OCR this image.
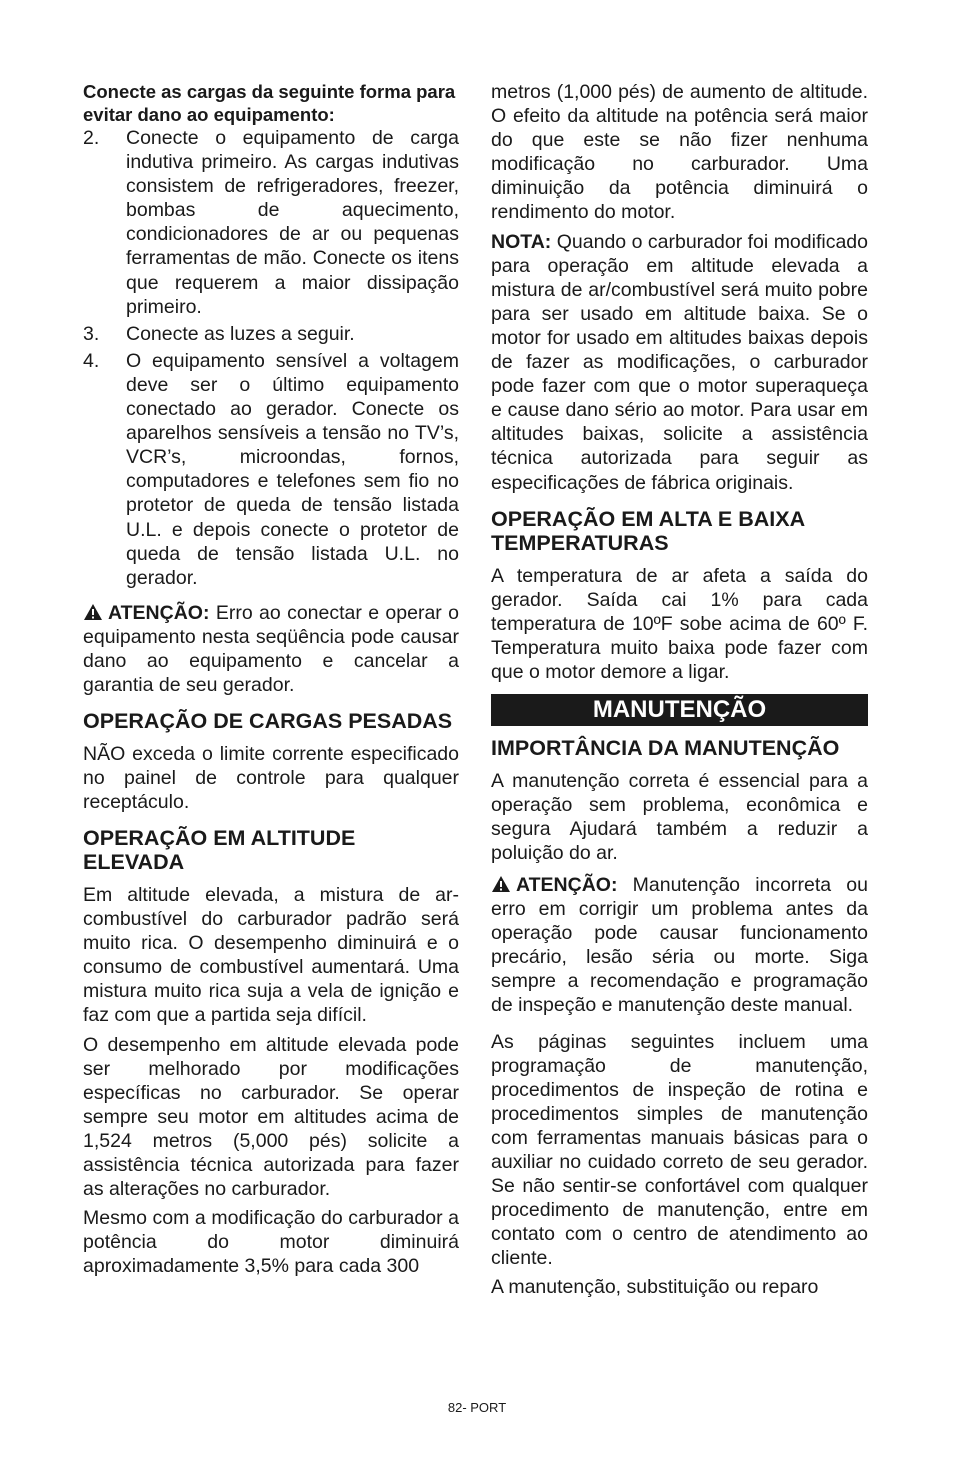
Conecte as cargas da seguinte forma para evitar dano ao equipamento:

2. Conecte o equipamento de carga indutiva primeiro. As cargas indutivas consistem de refrigeradores, freezer, bombas de aquecimento, condicionadores de ar ou pequenas ferramentas de mão. Conecte os itens que requerem a maior dissipação primeiro.
3. Conecte as luzes a seguir.
4. O equipamento sensível a voltagem deve ser o último equipamento conectado ao gerador. Conecte os aparelhos sensíveis a tensão no TV’s, VCR’s, microondas, fornos, computadores e telefones sem fio no protetor de queda de tensão listada U.L. e depois conecte o protetor de queda de tensão listada U.L. no gerador.

ATENÇÃO: Erro ao conectar e operar o equipamento nesta seqüência pode causar dano ao equipamento e cancelar a garantia de seu gerador.

OPERAÇÃO DE CARGAS PESADAS

NÃO exceda o limite corrente especificado no painel de controle para qualquer receptáculo.

OPERAÇÃO EM ALTITUDE ELEVADA

Em altitude elevada, a mistura de ar-combustível do carburador padrão será muito rica. O desempenho diminuirá e o consumo de combustível aumentará. Uma mistura muito rica suja a vela de ignição e faz com que a partida seja difícil.

O desempenho em altitude elevada pode ser melhorado por modificações específicas no carburador. Se operar sempre seu motor em altitudes acima de 1,524 metros (5,000 pés) solicite a assistência técnica autorizada para fazer as alterações no carburador.

Mesmo com a modificação do carburador a potência do motor diminuirá aproximadamente 3,5% para cada 300

metros (1,000 pés) de aumento de altitude. O efeito da altitude na potência será maior do que este se não fizer nenhuma modificação no carburador. Uma diminuição da potência diminuirá o rendimento do motor.

NOTA: Quando o carburador foi modificado para operação em altitude elevada a mistura de ar/combustível será muito pobre para ser usado em altitude baixa. Se o motor for usado em altitudes baixas depois de fazer as modificações, o carburador pode fazer com que o motor superaqueça e cause dano sério ao motor. Para usar em altitudes baixas, solicite a assistência técnica autorizada para seguir as especificações de fábrica originais.

OPERAÇÃO EM ALTA E BAIXA TEMPERATURAS

A temperatura de ar afeta a saída do gerador. Saída cai 1% para cada temperatura de 10ºF sobe acima de 60º F. Temperatura muito baixa pode fazer com que o motor demore a ligar.

MANUTENÇÃO
IMPORTÂNCIA DA MANUTENÇÃO

A manutenção correta é essencial para a operação sem problema, econômica e segura Ajudará também a reduzir a poluição do ar.

ATENÇÃO: Manutenção incorreta ou erro em corrigir um problema antes da operação pode causar funcionamento precário, lesão séria ou morte. Siga sempre a recomendação e programação de inspeção e manutenção deste manual.

As páginas seguintes incluem uma programação de manutenção, procedimentos de inspeção de rotina e procedimentos simples de manutenção com ferramentas manuais básicas para o auxiliar no cuidado correto de seu gerador. Se não sentir-se confortável com qualquer procedimento de manutenção, entre em contato com o centro de atendimento ao cliente.

A manutenção, substituição ou reparo

82- PORT
